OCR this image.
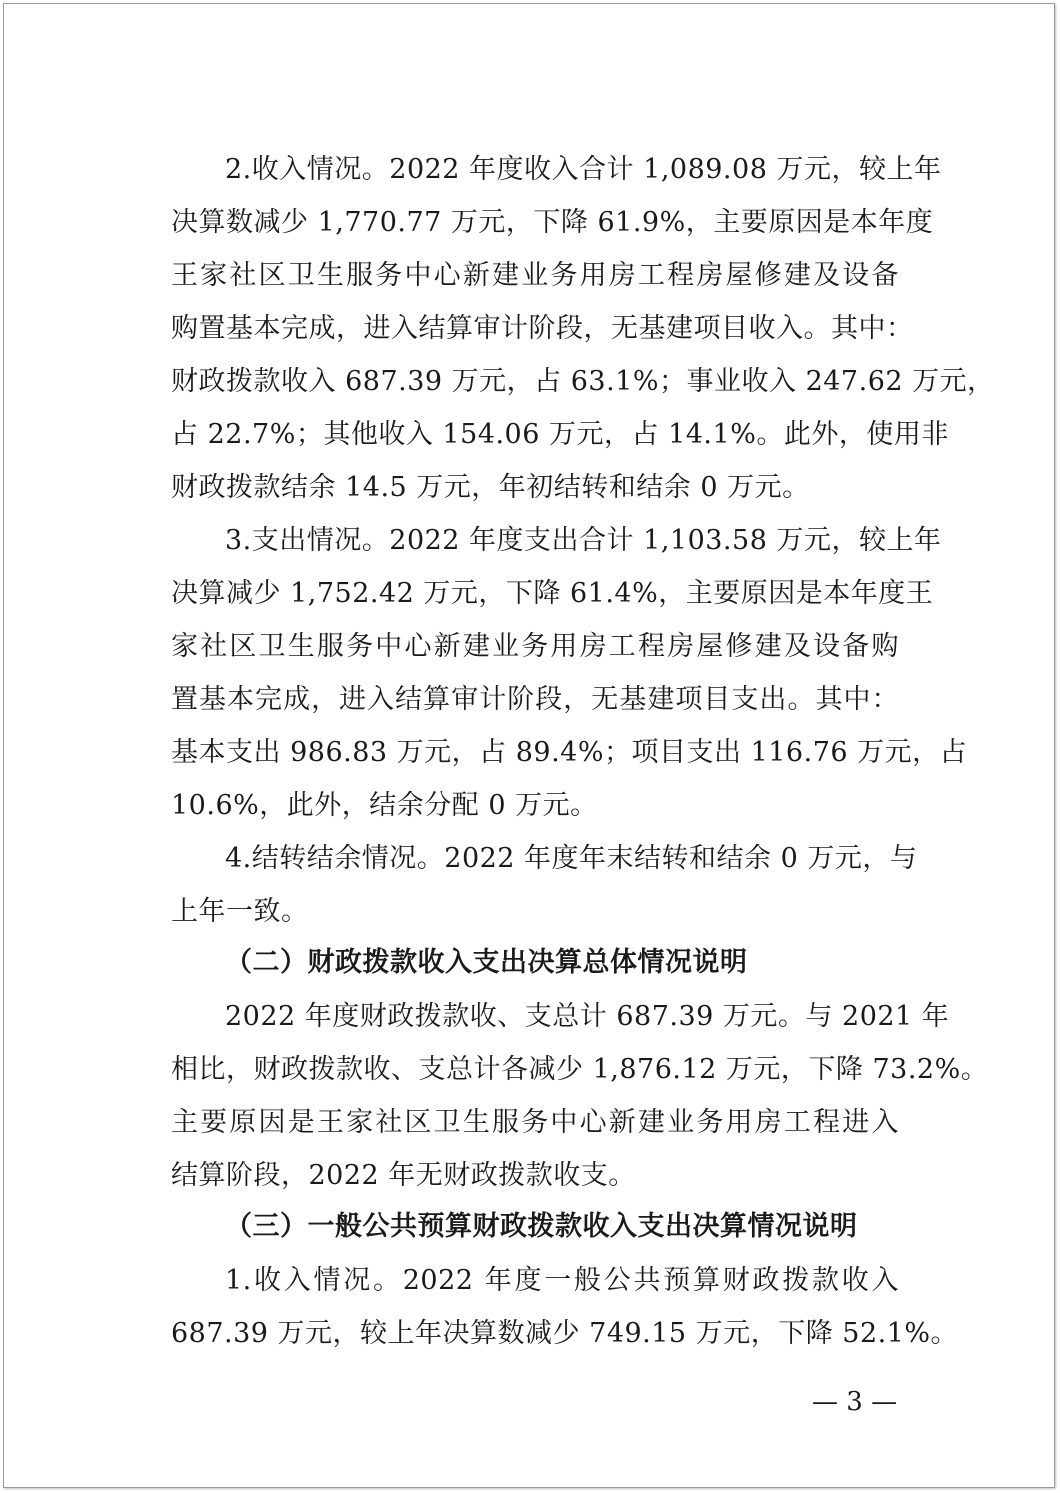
2.收入情况。2022 年度收入合计 1,089.08 万元，较上年
决算数减少 1,770.77 万元，下降 61.9%，主要原因是本年度
王家社区卫生服务中心新建业务用房工程房屋修建及设备
购置基本完成，进入结算审计阶段，无基建项目收入。其中：
财政拨款收入 687.39 万元，占 63.1%；事业收入 247.62 万元，
占 22.7%；其他收入 154.06 万元，占 14.1%。此外，使用非
财政拨款结余 14.5 万元，年初结转和结余 0 万元。
3.支出情况。2022 年度支出合计 1,103.58 万元，较上年
决算减少 1,752.42 万元，下降 61.4%，主要原因是本年度王
家社区卫生服务中心新建业务用房工程房屋修建及设备购
置基本完成，进入结算审计阶段，无基建项目支出。其中：
基本支出 986.83 万元，占 89.4%；项目支出 116.76 万元，占
10.6%，此外，结余分配 0 万元。
4.结转结余情况。2022 年度年末结转和结余 0 万元，与
上年一致。
（二）财政拨款收入支出决算总体情况说明
2022 年度财政拨款收、支总计 687.39 万元。与 2021 年
相比，财政拨款收、支总计各减少 1,876.12 万元，下降 73.2%。
主要原因是王家社区卫生服务中心新建业务用房工程进入
结算阶段，2022 年无财政拨款收支。
（三）一般公共预算财政拨款收入支出决算情况说明
1.收入情况。2022 年度一般公共预算财政拨款收入
687.39 万元，较上年决算数减少 749.15 万元，下降 52.1%。
— 3 —
